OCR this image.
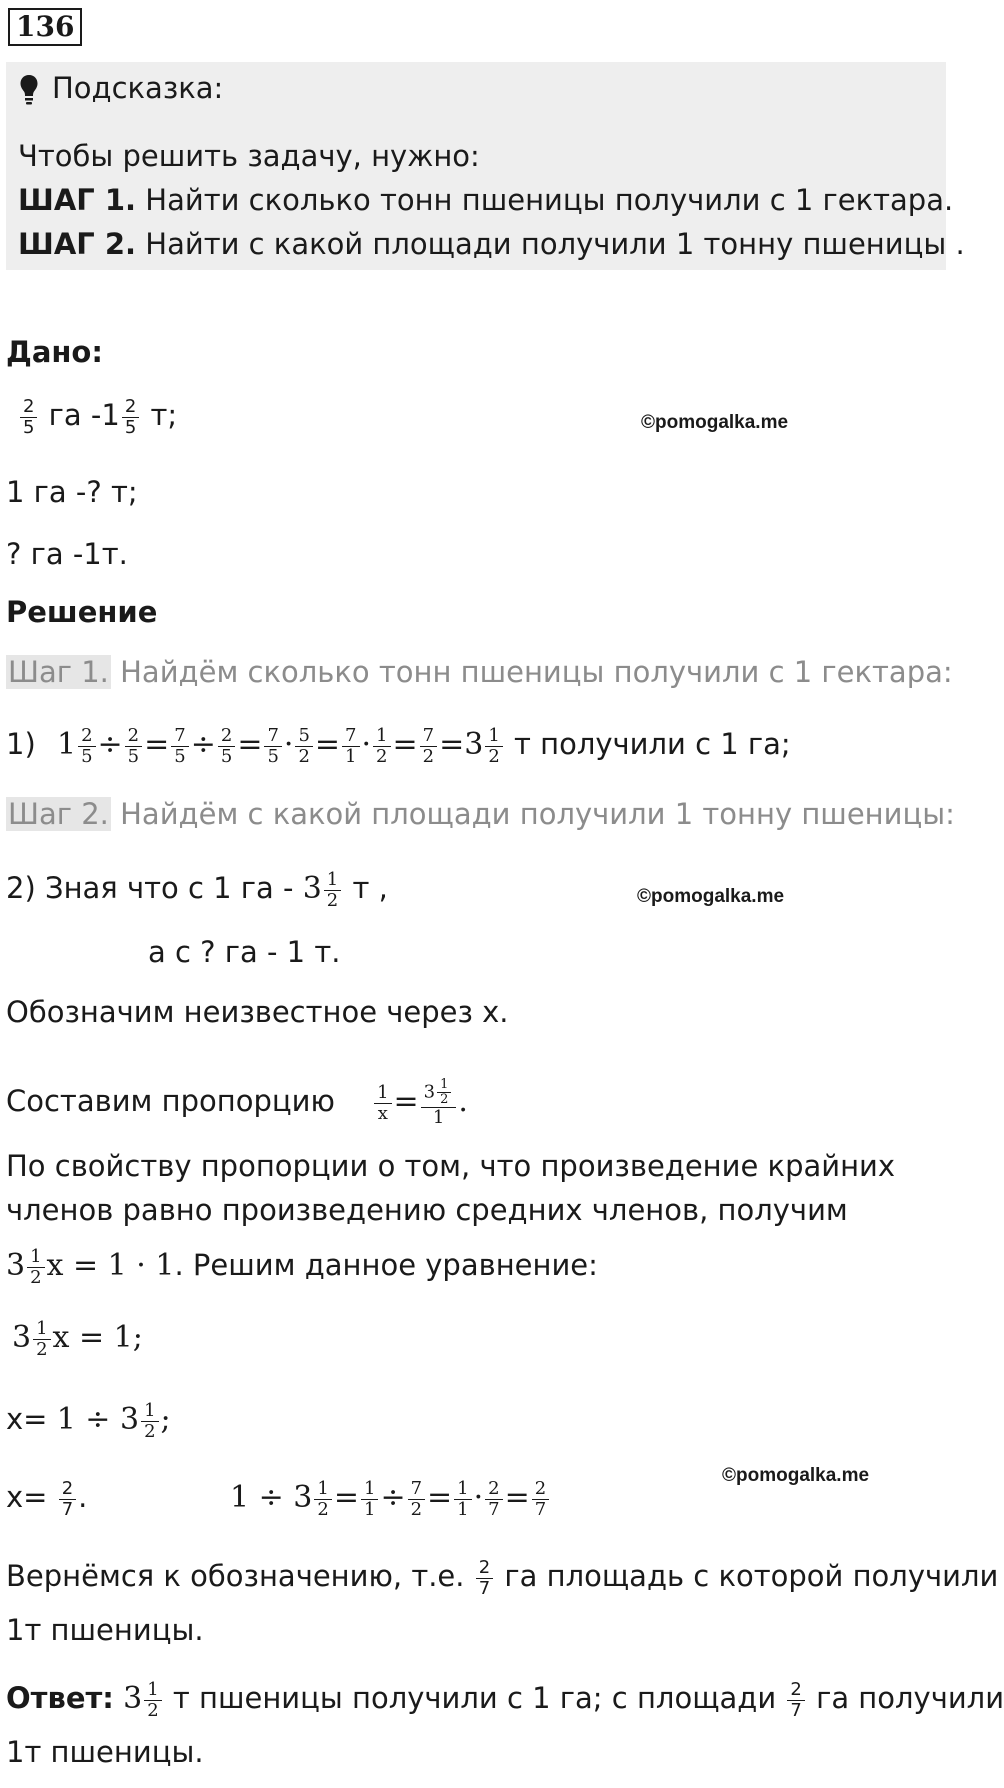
136
Подсказка:
Чтобы решить задачу, нужно:
ШАГ 1. Найти сколько тонн пшеницы получили с 1 гектара.
ШАГ 2. Найти с какой площади получили 1 тонну пшеницы .
Дано:
$\frac{2}{5}$ га $-1 \frac{2}{5} т$;	©pomogalka.me
1 га -? т;
? га -1т.
Решение
Шаг 1. Найдём сколько тонн пшеницы получили с 1 гектара:
1) $1 \frac{2}{5} \div \frac{2}{5} = \frac{7}{5} \div \frac{2}{5} = \frac{7}{5} \cdot \frac{5}{2} = \frac{7}{1} \cdot \frac{1}{2} = \frac{7}{2} =3 \frac{1}{2}$ т получили с 1 га;
Шаг 2. Найдём с какой площади получили 1 тонну пшеницы:
2) Зная что с 1 га - $3 \frac{1}{2}$ т ,	©pomogalka.me
а с ? га - 1 т.
Обозначим неизвестное через x.
Составим пропорцию $\frac{1}{x} = \frac{3 \frac{1}{2}}{1}$ .
По свойству пропорции о том, что произведение крайних
членов равно произведению средних членов, получим
$3 \frac{1}{2}$ x = 1 · 1. Решим данное уравнение:
$3 \frac{1}{2}$ x = 1;
$x= 1 \div 3 \frac{1}{2}$ ;
$x= \frac{2}{7}$ .	$1 \div 3 \frac{1}{2} = \frac{1}{1} \div \frac{7}{2} = \frac{1}{1} \cdot \frac{2}{7} = \frac{2}{7}$
©pomogalka.me
Вернёмся к обозначению, т.е. $\frac{2}{7}$ га площадь с которой получили
1т пшеницы.
Ответ: $3 \frac{1}{2}$ т пшеницы получили с 1 га; с площади $\frac{2}{7}$ га получили
1т пшеницы.
